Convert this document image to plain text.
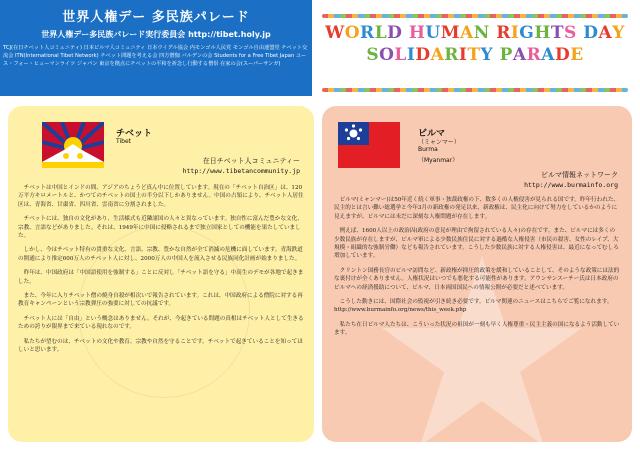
世界人権デー 多民族パレード
世界人権デー多民族パレード実行委員会 http://tibet.holy.jp
TCJ(在日チベット人コミュニティ) 日本ビルマ人コミュニティ 日本ウイグル協会 内モンゴル人民党 モンゴル自由連盟党 チベット交流会 ITN(International Tibet Network) チベット問題を考える会 四方僧伽 バルデンの会 Students for a Free Tibet Japan ユース・フォー・ヒューマンライツ ジャパン 東京を拠点にチベットの平和を祈念し行動する僧侶 在家の会(スーパーサンガ)
WORLD HUMAN RIGHTS DAY
SOLIDARITY PARADE
チベット
Tibet
在日チベット人コミュニティー
http://www.tibetancommunity.jp

チベットは中国とインドの間、アジアのちょうど真ん中に位置しています。現在の「チベット自治区」は、120万平方キロメートルと、かつてのチベットの国土の半分以下しかありません。中国の占領により、チベット人居住区は、青海省、甘粛省、四川省、雲南省に分割されました。

チベットには、独自の文化があり、生活様式も近隣諸国の人々と異なっています。独自性に富んだ豊かな文化、宗教、言語などがありました。それは、1949年に中国に侵略されるまで独立国家としての機能を果たしていました。

しかし、今はチベット特有の貴重な文化、言語、宗教、豊かな自然が全て消滅の危機に面しています。青海鉄道の開通により推定600万人のチベット人に対し、2000万人の中国人を流入させる民族同化計画が始まりました。

昨年は、中国政府は「中国語使用を強制する」ことに反対し「チベット語を守る」中高生のデモが各地で起きました。

また、今年に入りチベット僧の焼身自殺が相次いで報告されています。これは、中国政府による僧院に対する再教育キャンペーンという宗教弾圧の強要に対しての抗議です。

チベット人には「自由」という概念はありません。それが、今起きている問題の真相はチベット人として生きるための誇りが限界まで来ている現れなのです。

私たちが望むのは、チベットの文化や教育、宗教や自然を守ることです。チベットで起きていることを知ってほしいと思います。

ビルマ
（ミャンマー）
Burma
（Myanmar）
ビルマ情報ネットワーク
http://www.burmainfo.org

ビルマ(ミャンマー)は50年近く続く軍事・独裁政権の下、数多くの人権侵害が見られる国です。昨年行われた、民主的とは言い難い総選挙と今年3月の新政権の発足以来、新政権は、民主化に向けて努力をしているかのように見えますが、ビルマには未だに深刻な人権問題が存在します。

例えば、1600人以上の政治囚(政府の意見が理由で拘留されている人々)の存在です。また、ビルマには多くの少数民族が存在しますが、ビルマ軍による少数民族住民に対する過酷な人権侵害（市民の殺害、女性のレイプ、大規模・組織的な強制労働）なども報告されています。こうした少数民族に対する人権侵害は、最近になってむしろ増加しています。

クリントン国務長官のビルマ訪問など、新政権が抑圧的政策を緩和していることして、そのような政策には法的な裏付けが全くありません。人権状況はいつでも悪化する可能性があります。アウンサンスーチー氏は日本政府のビルマへの経済援助について、ビルマ、日本両国国民への情報公開が必要だと述べています。

こうした動きには、国際社会の監視が引き続き必要です。ビルマ関連のニュースはこちらでご覧になれます。http://www.burmainfo.org/news/this_week.php

私たち在日ビルマ人たちは、こういった状況の祖国が一刻も早く人権尊重・民主主義の国になるよう活動しています。
